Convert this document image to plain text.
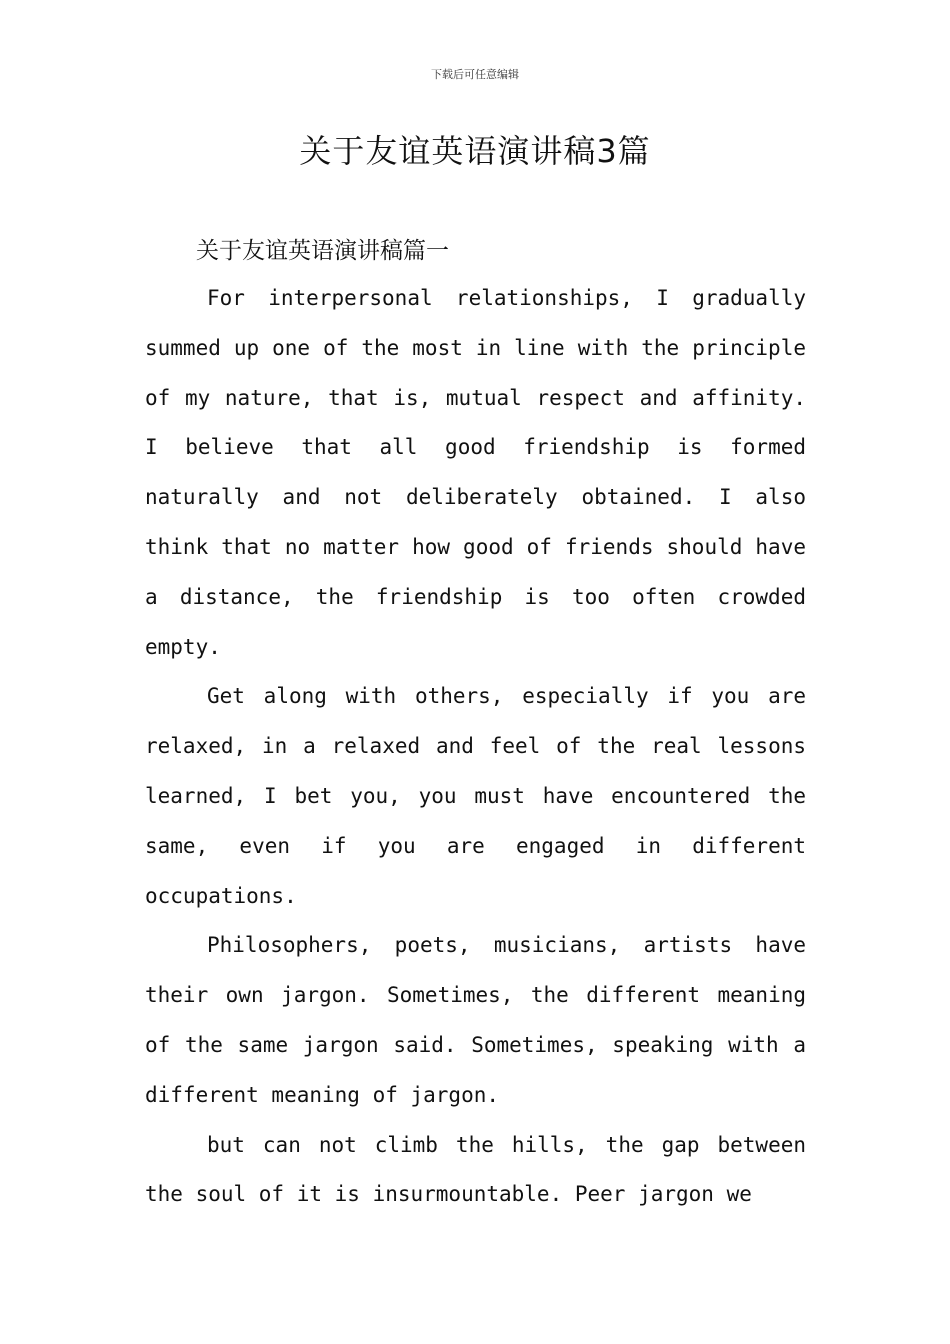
下载后可任意编辑
关于友谊英语演讲稿3篇
关于友谊英语演讲稿篇一

For interpersonal relationships, I gradually summed up one of the most in line with the principle of my nature, that is, mutual respect and affinity. I believe that all good friendship is formed naturally and not deliberately obtained. I also think that no matter how good of friends should have a distance, the friendship is too often crowded empty.

Get along with others, especially if you are relaxed, in a relaxed and feel of the real lessons learned, I bet you, you must have encountered the same, even if you are engaged in different occupations.

Philosophers, poets, musicians, artists have their own jargon. Sometimes, the different meaning of the same jargon said. Sometimes, speaking with a different meaning of jargon.

but can not climb the hills, the gap between the soul of it is insurmountable. Peer jargon we
